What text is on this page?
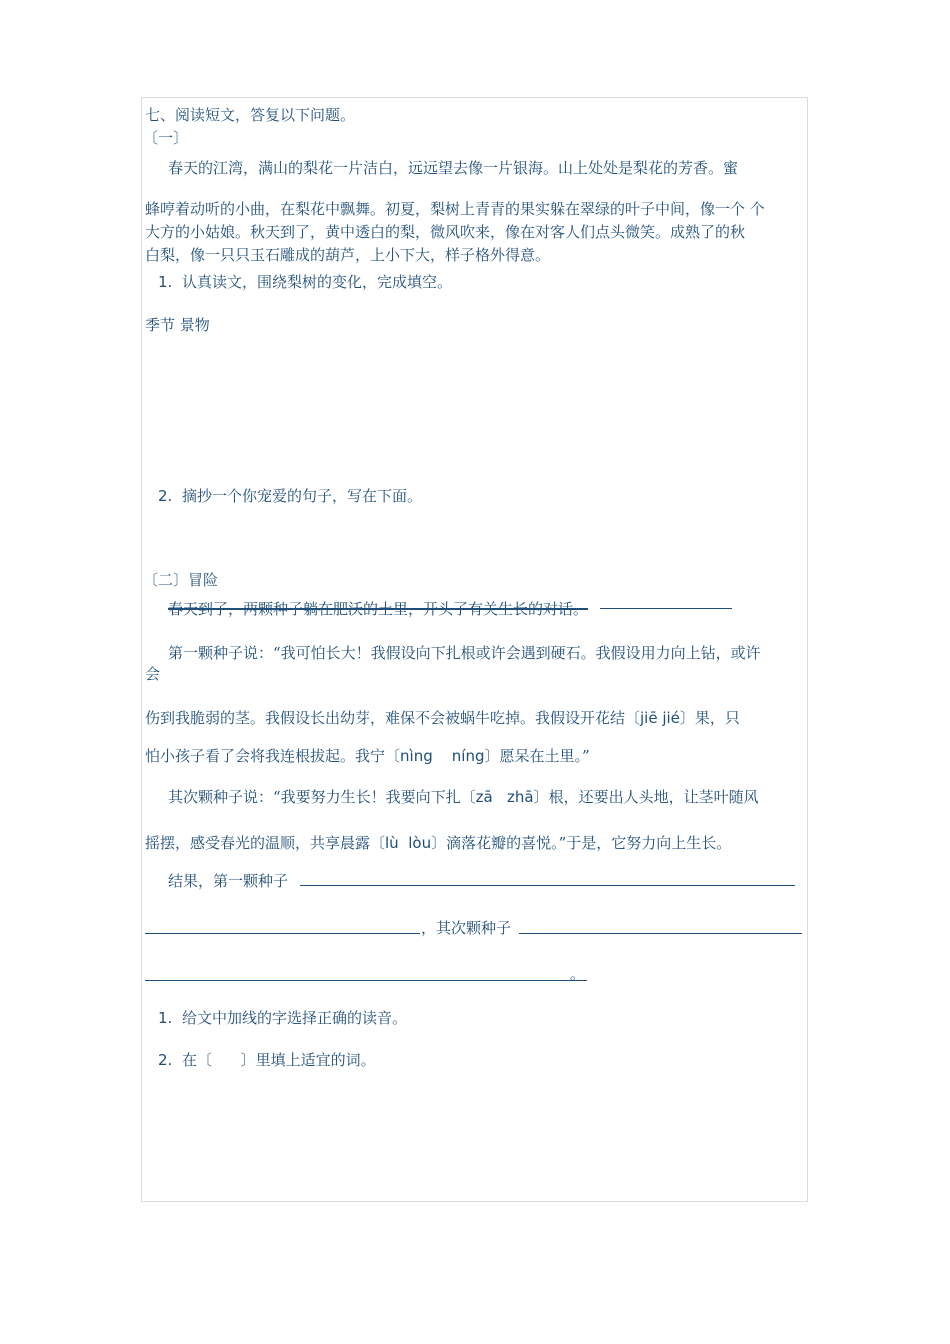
七、阅读短文，答复以下问题。
〔一〕
春天的江湾，满山的梨花一片洁白，远远望去像一片银海。山上处处是梨花的芳香。蜜
蜂哼着动听的小曲，在梨花中飘舞。初夏，梨树上青青的果实躲在翠绿的叶子中间，像一个 个
大方的小姑娘。秋天到了，黄中透白的梨，微风吹来，像在对客人们点头微笑。成熟了的秋
白梨，像一只只玉石雕成的葫芦，上小下大，样子格外得意。
1. 认真读文，围绕梨树的变化，完成填空。
季节 景物
2. 摘抄一个你宠爱的句子，写在下面。
〔二〕冒险
春天到了，两颗种子躺在肥沃的土里，开头了有关生长的对话。
第一颗种子说：“我可怕长大！我假设向下扎根或许会遇到硬石。我假设用力向上钻，或许
会
伤到我脆弱的茎。我假设长出幼芽，难保不会被蜗牛吃掉。我假设开花结〔jiē jié〕果，只
怕小孩子看了会将我连根拔起。我宁〔nìng    níng〕愿呆在土里。”
其次颗种子说：“我要努力生长！我要向下扎〔zā   zhā〕根，还要出人头地，让茎叶随风
摇摆，感受春光的温顺，共享晨露〔lù  lòu〕滴落花瓣的喜悦。”于是，它努力向上生长。
结果，第一颗种子
，其次颗种子
。
1. 给文中加线的字选择正确的读音。
2. 在〔      〕里填上适宜的词。
